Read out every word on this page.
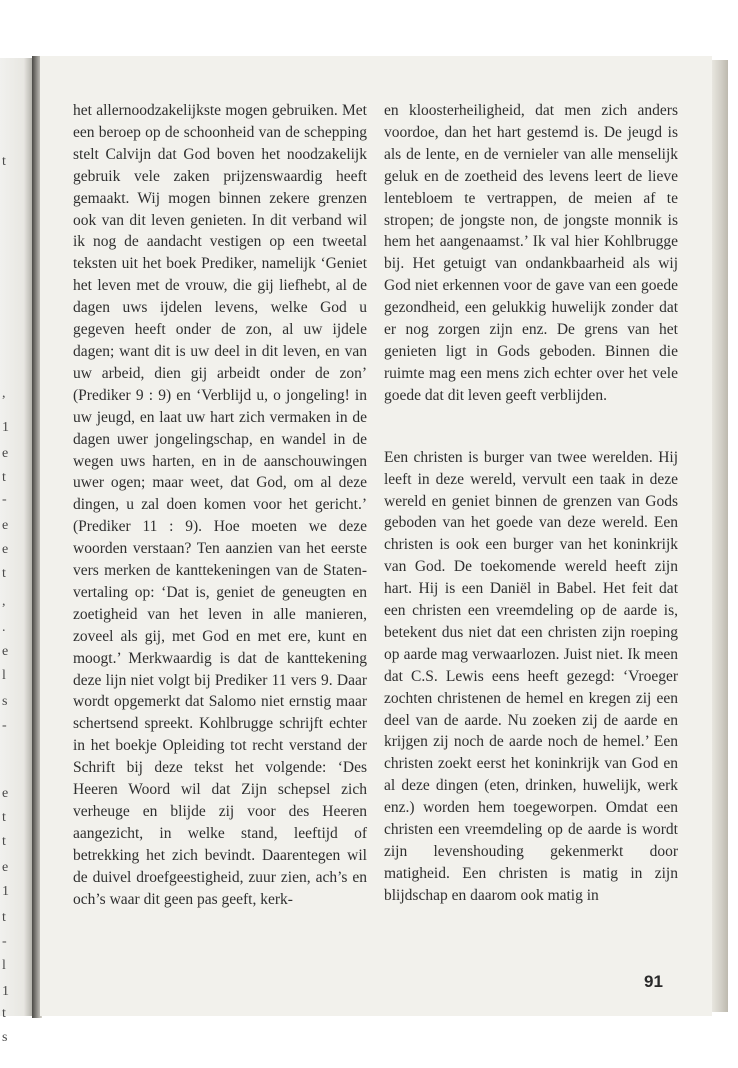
t
,
1
e
t
-
e
e
t
,
.
e
l
s
-
e
t
t
e
1
t
-
l
1
t
s

het allernoodzakelijkste mogen gebruiken. Met een beroep op de schoonheid van de schepping stelt Calvijn dat God boven het noodzakelijk gebruik vele zaken prijzenswaardig heeft gemaakt. Wij mogen binnen zekere grenzen ook van dit leven genieten. In dit verband wil ik nog de aandacht vestigen op een tweetal teksten uit het boek Prediker, namelijk ‘Geniet het leven met de vrouw, die gij liefhebt, al de dagen uws ijdelen levens, welke God u gegeven heeft onder de zon, al uw ijdele dagen; want dit is uw deel in dit leven, en van uw arbeid, dien gij arbeidt onder de zon’ (Prediker 9 : 9) en ‘Verblijd u, o jongeling! in uw jeugd, en laat uw hart zich vermaken in de dagen uwer jongelingschap, en wandel in de wegen uws harten, en in de aanschouwingen uwer ogen; maar weet, dat God, om al deze dingen, u zal doen komen voor het gericht.’ (Prediker 11 : 9). Hoe moeten we deze woorden verstaan? Ten aanzien van het eerste vers merken de kanttekeningen van de Statenvertaling op: ‘Dat is, geniet de geneugten en zoetigheid van het leven in alle manieren, zoveel als gij, met God en met ere, kunt en moogt.’ Merkwaardig is dat de kanttekening deze lijn niet volgt bij Prediker 11 vers 9. Daar wordt opgemerkt dat Salomo niet ernstig maar schertsend spreekt. Kohlbrugge schrijft echter in het boekje Opleiding tot recht verstand der Schrift bij deze tekst het volgende: ‘Des Heeren Woord wil dat Zijn schepsel zich verheuge en blijde zij voor des Heeren aangezicht, in welke stand, leeftijd of betrekking het zich bevindt. Daarentegen wil de duivel droefgeestigheid, zuur zien, ach’s en och’s waar dit geen pas geeft, kerk-

en kloosterheiligheid, dat men zich anders voordoe, dan het hart gestemd is. De jeugd is als de lente, en de vernieler van alle menselijk geluk en de zoetheid des levens leert de lieve lentebloem te vertrappen, de meien af te stropen; de jongste non, de jongste monnik is hem het aangenaamst.’ Ik val hier Kohlbrugge bij. Het getuigt van ondankbaarheid als wij God niet erkennen voor de gave van een goede gezondheid, een gelukkig huwelijk zonder dat er nog zorgen zijn enz. De grens van het genieten ligt in Gods geboden. Binnen die ruimte mag een mens zich echter over het vele goede dat dit leven geeft verblijden.

Een christen is burger van twee werelden. Hij leeft in deze wereld, vervult een taak in deze wereld en geniet binnen de grenzen van Gods geboden van het goede van deze wereld. Een christen is ook een burger van het koninkrijk van God. De toekomende wereld heeft zijn hart. Hij is een Daniël in Babel. Het feit dat een christen een vreemdeling op de aarde is, betekent dus niet dat een christen zijn roeping op aarde mag verwaarlozen. Juist niet. Ik meen dat C.S. Lewis eens heeft gezegd: ‘Vroeger zochten christenen de hemel en kregen zij een deel van de aarde. Nu zoeken zij de aarde en krijgen zij noch de aarde noch de hemel.’ Een christen zoekt eerst het koninkrijk van God en al deze dingen (eten, drinken, huwelijk, werk enz.) worden hem toegeworpen. Omdat een christen een vreemdeling op de aarde is wordt zijn levenshouding gekenmerkt door matigheid. Een christen is matig in zijn blijdschap en daarom ook matig in

91
